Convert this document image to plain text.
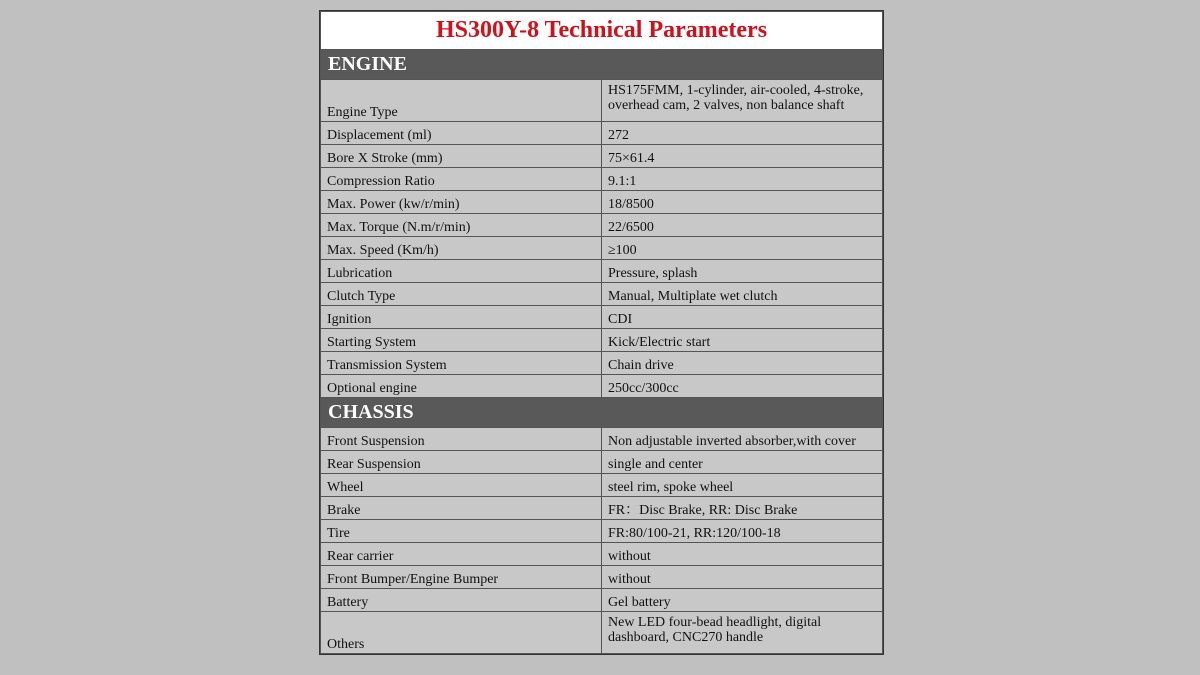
HS300Y-8 Technical Parameters	
ENGINE	
Engine Type	HS175FMM, 1-cylinder, air-cooled, 4-stroke, overhead cam, 2 valves, non balance shaft
Displacement (ml)	272
Bore X Stroke (mm)	75×61.4
Compression Ratio	9.1:1
Max. Power (kw/r/min)	18/8500
Max. Torque (N.m/r/min)	22/6500
Max. Speed (Km/h)	≥100
Lubrication	Pressure, splash
Clutch Type	Manual, Multiplate wet clutch
Ignition	CDI
Starting System	Kick/Electric start
Transmission System	Chain drive
Optional engine	250cc/300cc
CHASSIS	
Front Suspension	Non adjustable inverted absorber,with cover
Rear Suspension	single and center
Wheel	steel rim, spoke wheel
Brake	FR：Disc Brake, RR: Disc Brake
Tire	FR:80/100-21, RR:120/100-18
Rear carrier	without
Front Bumper/Engine Bumper	without
Battery	Gel battery
Others	New LED four-bead headlight, digital dashboard, CNC270 handle
